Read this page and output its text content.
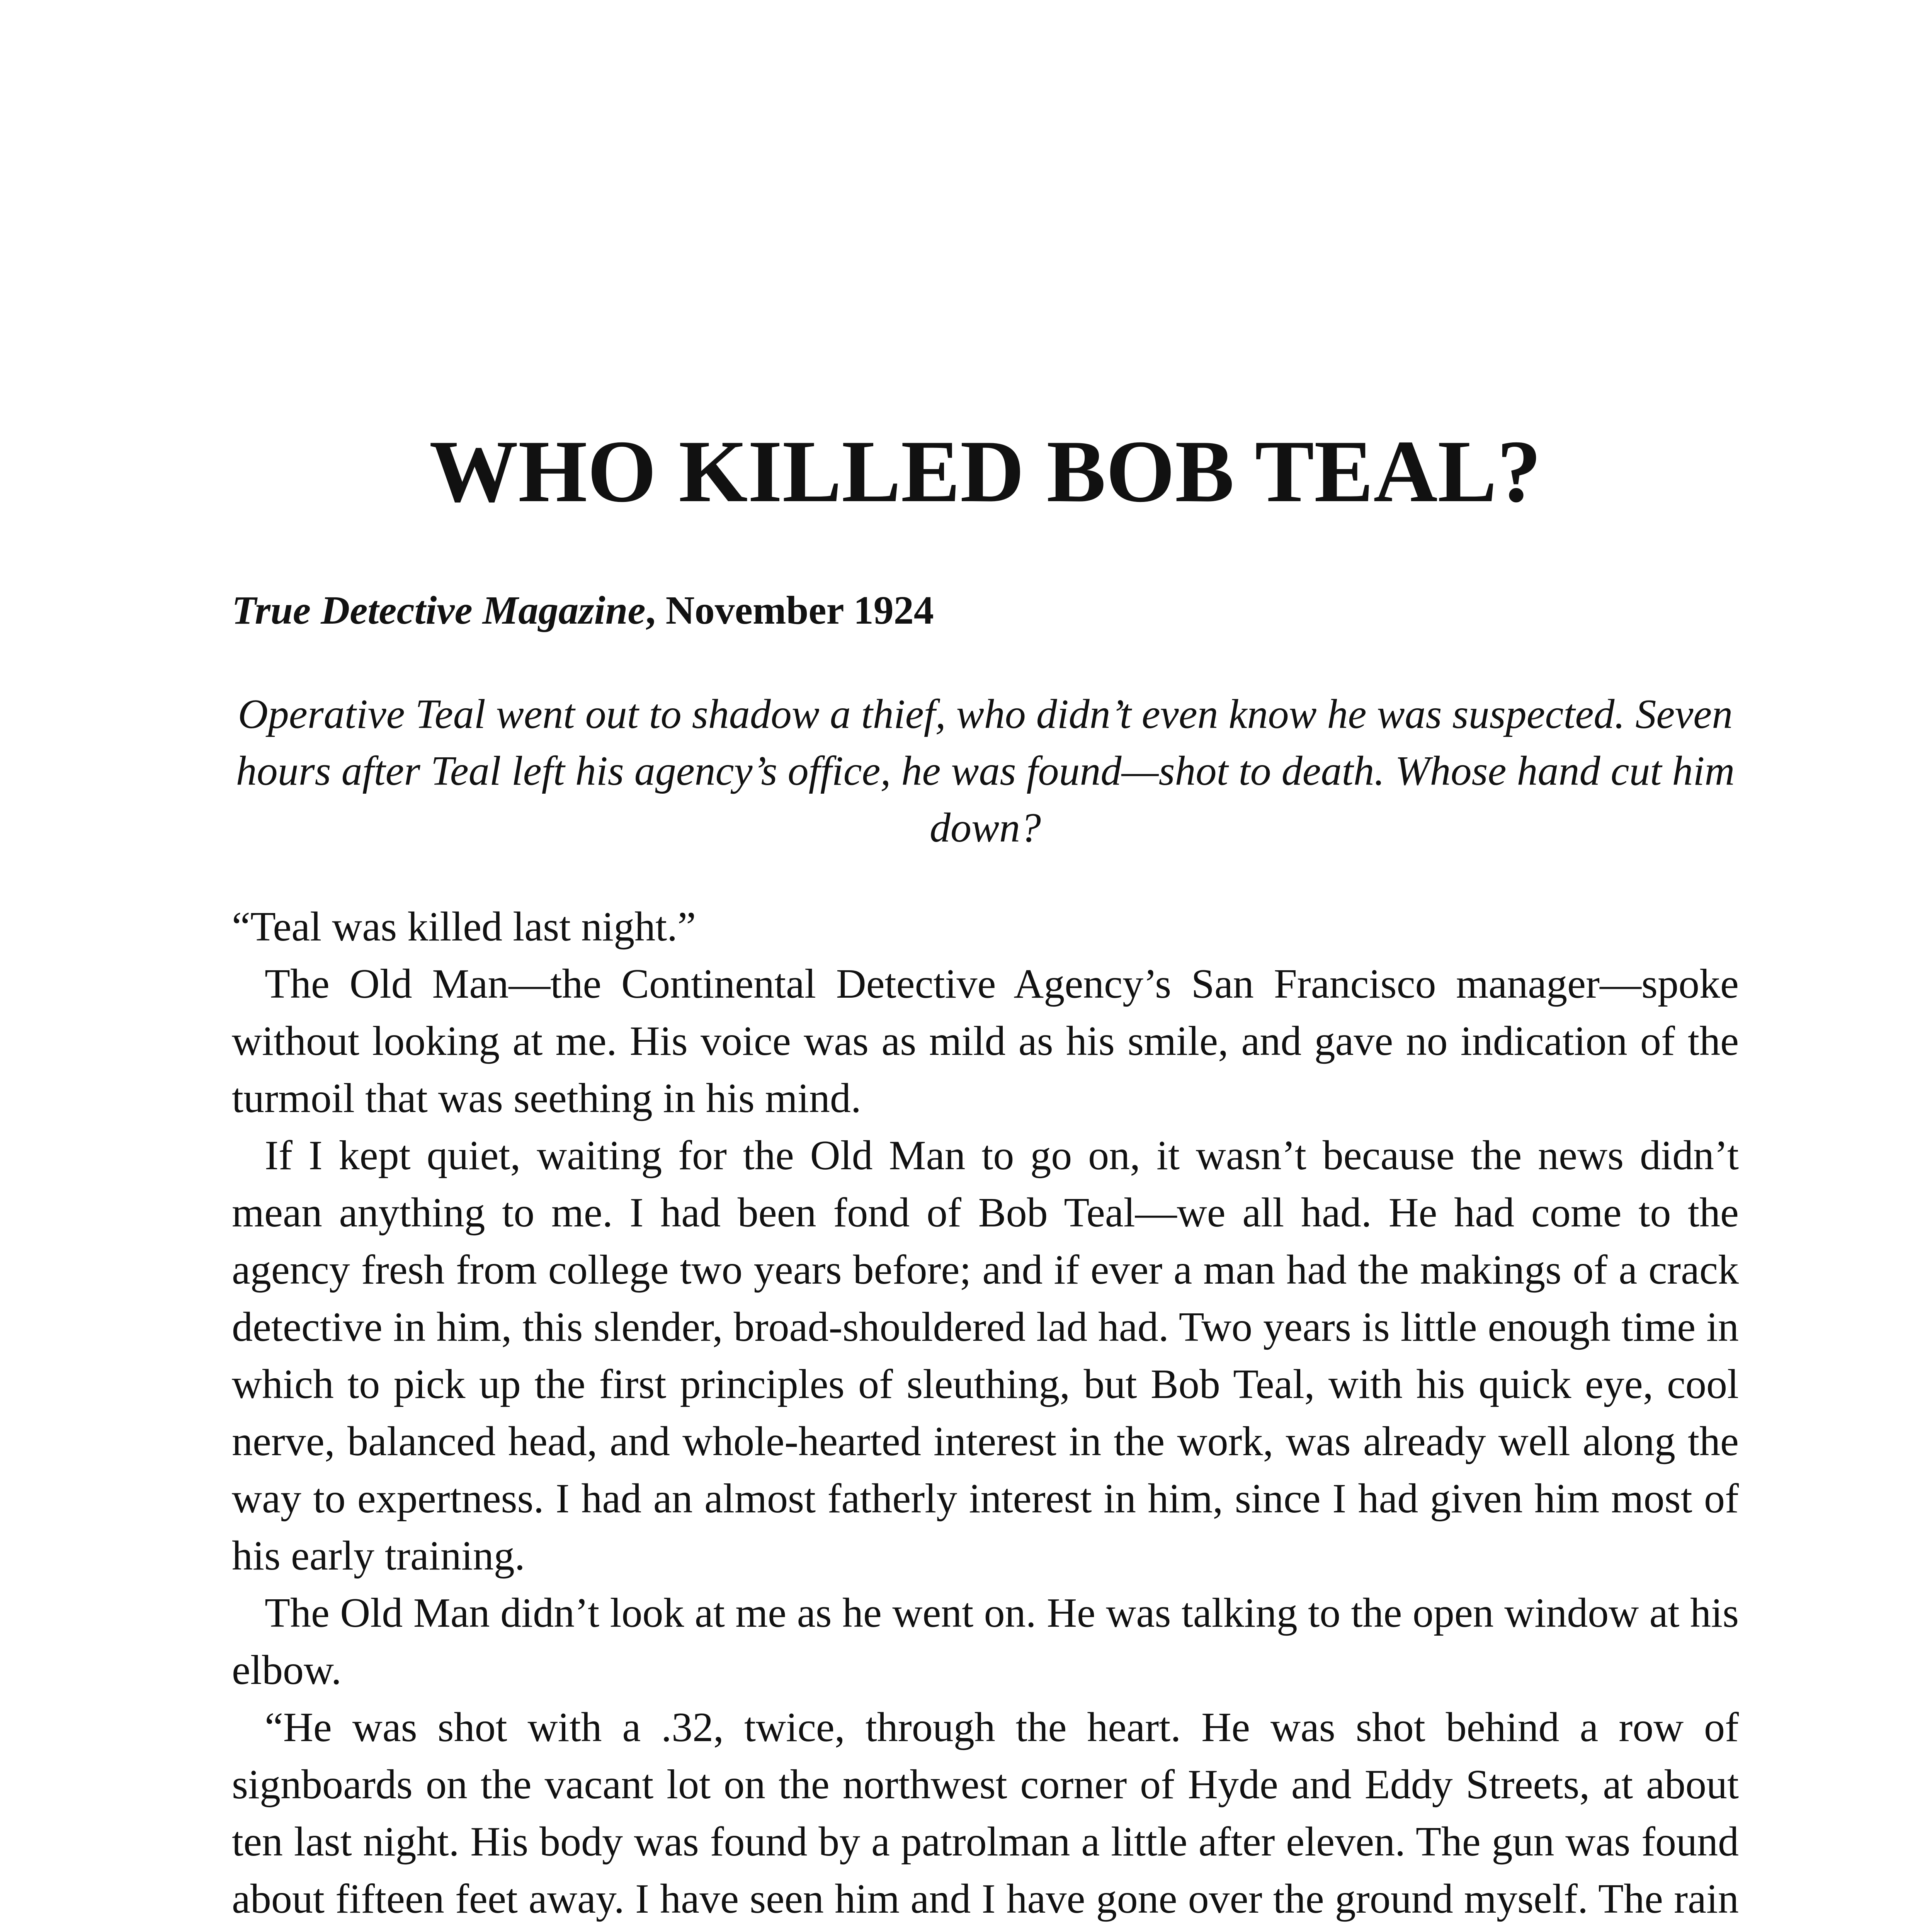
WHO KILLED BOB TEAL?

True Detective Magazine, November 1924

Operative Teal went out to shadow a thief, who didn’t even know he was suspected. Seven hours after Teal left his agency’s office, he was found—shot to death. Whose hand cut him down?

“Teal was killed last night.”

The Old Man—the Continental Detective Agency’s San Francisco manager—spoke without looking at me. His voice was as mild as his smile, and gave no indication of the turmoil that was seething in his mind.

If I kept quiet, waiting for the Old Man to go on, it wasn’t because the news didn’t mean anything to me. I had been fond of Bob Teal—we all had. He had come to the agency fresh from college two years before; and if ever a man had the makings of a crack detective in him, this slender, broad-shouldered lad had. Two years is little enough time in which to pick up the first principles of sleuthing, but Bob Teal, with his quick eye, cool nerve, balanced head, and whole-hearted interest in the work, was already well along the way to expertness. I had an almost fatherly interest in him, since I had given him most of his early training.

The Old Man didn’t look at me as he went on. He was talking to the open window at his elbow.

“He was shot with a .32, twice, through the heart. He was shot behind a row of signboards on the vacant lot on the northwest corner of Hyde and Eddy Streets, at about ten last night. His body was found by a patrolman a little after eleven. The gun was found about fifteen feet away. I have seen him and I have gone over the ground myself. The rain
